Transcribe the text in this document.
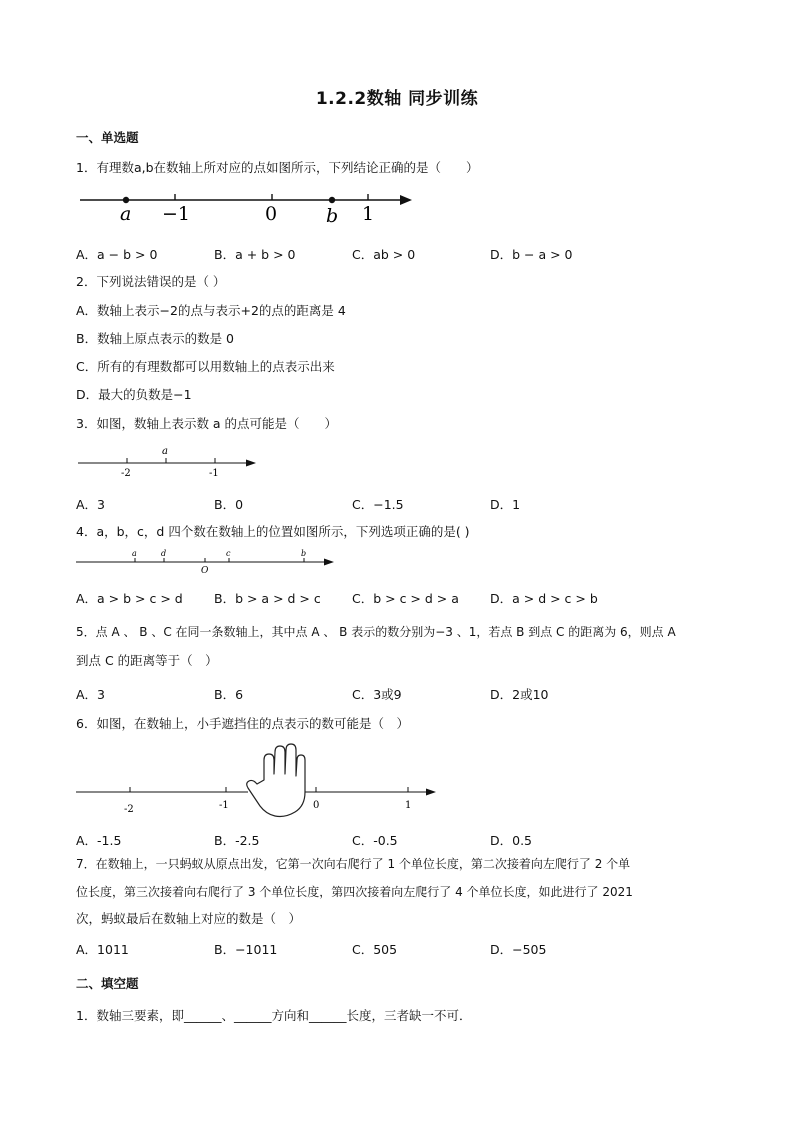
1.2.2数轴 同步训练
一、单选题
1．有理数a,b在数轴上所对应的点如图所示，下列结论正确的是（　　）
a −1	0	b 1
A．a − b > 0	B．a + b > 0	C．ab > 0	D．b − a > 0
2．下列说法错误的是（ ）
A．数轴上表示−2的点与表示+2的点的距离是 4
B．数轴上原点表示的数是 0
C．所有的有理数都可以用数轴上的点表示出来
D．最大的负数是−1
3．如图，数轴上表示数 a 的点可能是（　　）
a
-2	-1
A．3	B．0	C．−1.5	D．1
4．a，b，c，d 四个数在数轴上的位置如图所示，下列选项正确的是( )
a	d
O
c	b
A．a > b > c > d	B．b > a > d > c	C．b > c > d > a D．a > d > c > b
5．点 A 、 B 、C 在同一条数轴上，其中点 A 、 B 表示的数分别为−3 、1，若点 B 到点 C 的距离为 6，则点 A
到点 C 的距离等于（　）
A．3	B．6	C．3或9	D．2或10
6．如图，在数轴上，小手遮挡住的点表示的数可能是（　）
-2	-1	0	1
A．-1.5	B．-2.5	C．-0.5	D．0.5
7．在数轴上，一只蚂蚁从原点出发，它第一次向右爬行了 1 个单位长度，第二次接着向左爬行了 2 个单
位长度，第三次接着向右爬行了 3 个单位长度，第四次接着向左爬行了 4 个单位长度，如此进行了 2021
次，蚂蚁最后在数轴上对应的数是（　）
A．1011	B．−1011	C．505	D．−505
二、填空题
1．数轴三要素，即______、______方向和______长度，三者缺一不可．
